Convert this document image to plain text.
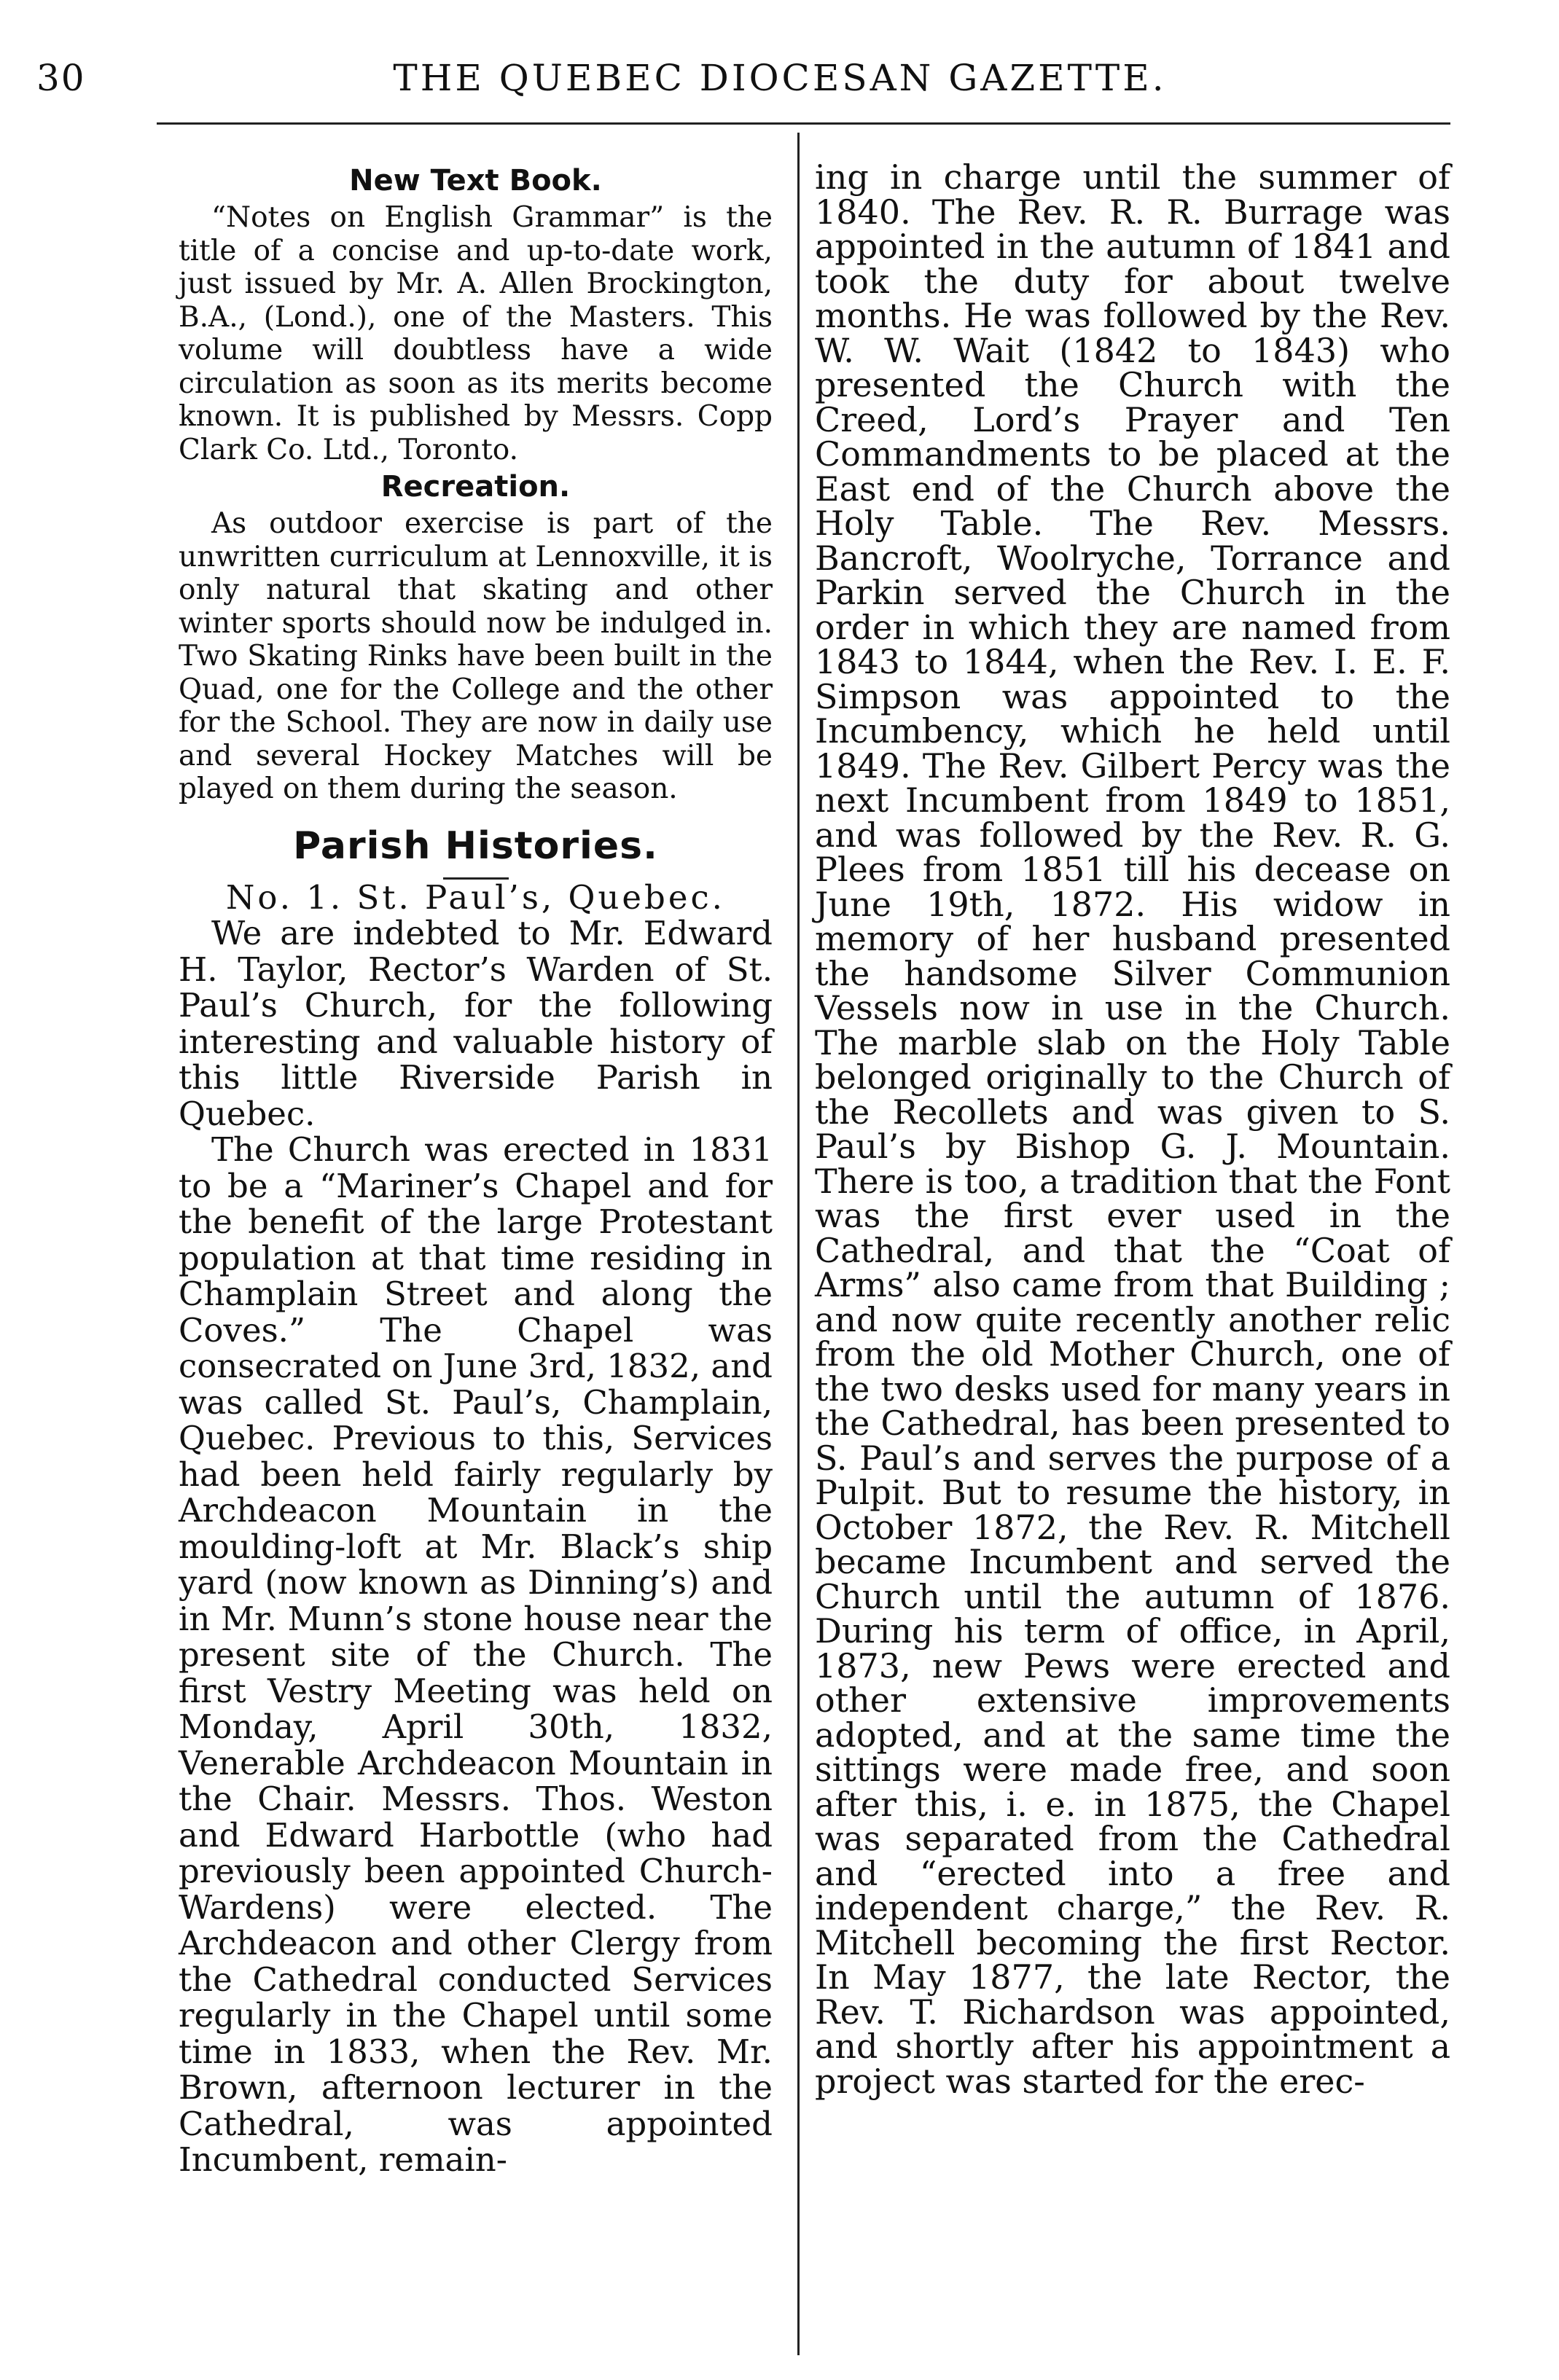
30	THE QUEBEC DIOCESAN GAZETTE.
New Text Book.

“Notes on English Grammar” is the title of a concise and up-to-date work, just issued by Mr. A. Allen Brockington, B.A., (Lond.), one of the Masters. This volume will doubtless have a wide circulation as soon as its merits become known. It is published by Messrs. Copp Clark Co. Ltd., Toronto.

Recreation.

As outdoor exercise is part of the unwritten curriculum at Lennoxville, it is only natural that skating and other winter sports should now be indulged in. Two Skating Rinks have been built in the Quad, one for the College and the other for the School. They are now in daily use and several Hockey Matches will be played on them during the season.

Parish Histories.

No. 1. St. Paul’s, Quebec.

We are indebted to Mr. Edward H. Taylor, Rector’s Warden of St. Paul’s Church, for the following interesting and valuable history of this little Riverside Parish in Quebec.

The Church was erected in 1831 to be a “Mariner’s Chapel and for the benefit of the large Protestant population at that time residing in Champlain Street and along the Coves.” The Chapel was consecrated on June 3rd, 1832, and was called St. Paul’s, Champlain, Quebec. Previous to this, Services had been held fairly regularly by Archdeacon Mountain in the moulding-loft at Mr. Black’s ship yard (now known as Dinning’s) and in Mr. Munn’s stone house near the present site of the Church. The first Vestry Meeting was held on Monday, April 30th, 1832, Venerable Archdeacon Mountain in the Chair. Messrs. Thos. Weston and Edward Harbottle (who had previously been appointed Church-Wardens) were elected. The Archdeacon and other Clergy from the Cathedral conducted Services regularly in the Chapel until some time in 1833, when the Rev. Mr. Brown, afternoon lecturer in the Cathedral, was appointed Incumbent, remain-

ing in charge until the summer of 1840. The Rev. R. R. Burrage was appointed in the autumn of 1841 and took the duty for about twelve months. He was followed by the Rev. W. W. Wait (1842 to 1843) who presented the Church with the Creed, Lord’s Prayer and Ten Commandments to be placed at the East end of the Church above the Holy Table. The Rev. Messrs. Bancroft, Woolryche, Torrance and Parkin served the Church in the order in which they are named from 1843 to 1844, when the Rev. I. E. F. Simpson was appointed to the Incumbency, which he held until 1849. The Rev. Gilbert Percy was the next Incumbent from 1849 to 1851, and was followed by the Rev. R. G. Plees from 1851 till his decease on June 19th, 1872. His widow in memory of her husband presented the handsome Silver Communion Vessels now in use in the Church. The marble slab on the Holy Table belonged originally to the Church of the Recollets and was given to S. Paul’s by Bishop G. J. Mountain. There is too, a tradition that the Font was the first ever used in the Cathedral, and that the “Coat of Arms” also came from that Building ; and now quite recently another relic from the old Mother Church, one of the two desks used for many years in the Cathedral, has been presented to S. Paul’s and serves the purpose of a Pulpit. But to resume the history, in October 1872, the Rev. R. Mitchell became Incumbent and served the Church until the autumn of 1876. During his term of office, in April, 1873, new Pews were erected and other extensive improvements adopted, and at the same time the sittings were made free, and soon after this, i. e. in 1875, the Chapel was separated from the Cathedral and “erected into a free and independent charge,” the Rev. R. Mitchell becoming the first Rector. In May 1877, the late Rector, the Rev. T. Richardson was appointed, and shortly after his appointment a project was started for the erec-
